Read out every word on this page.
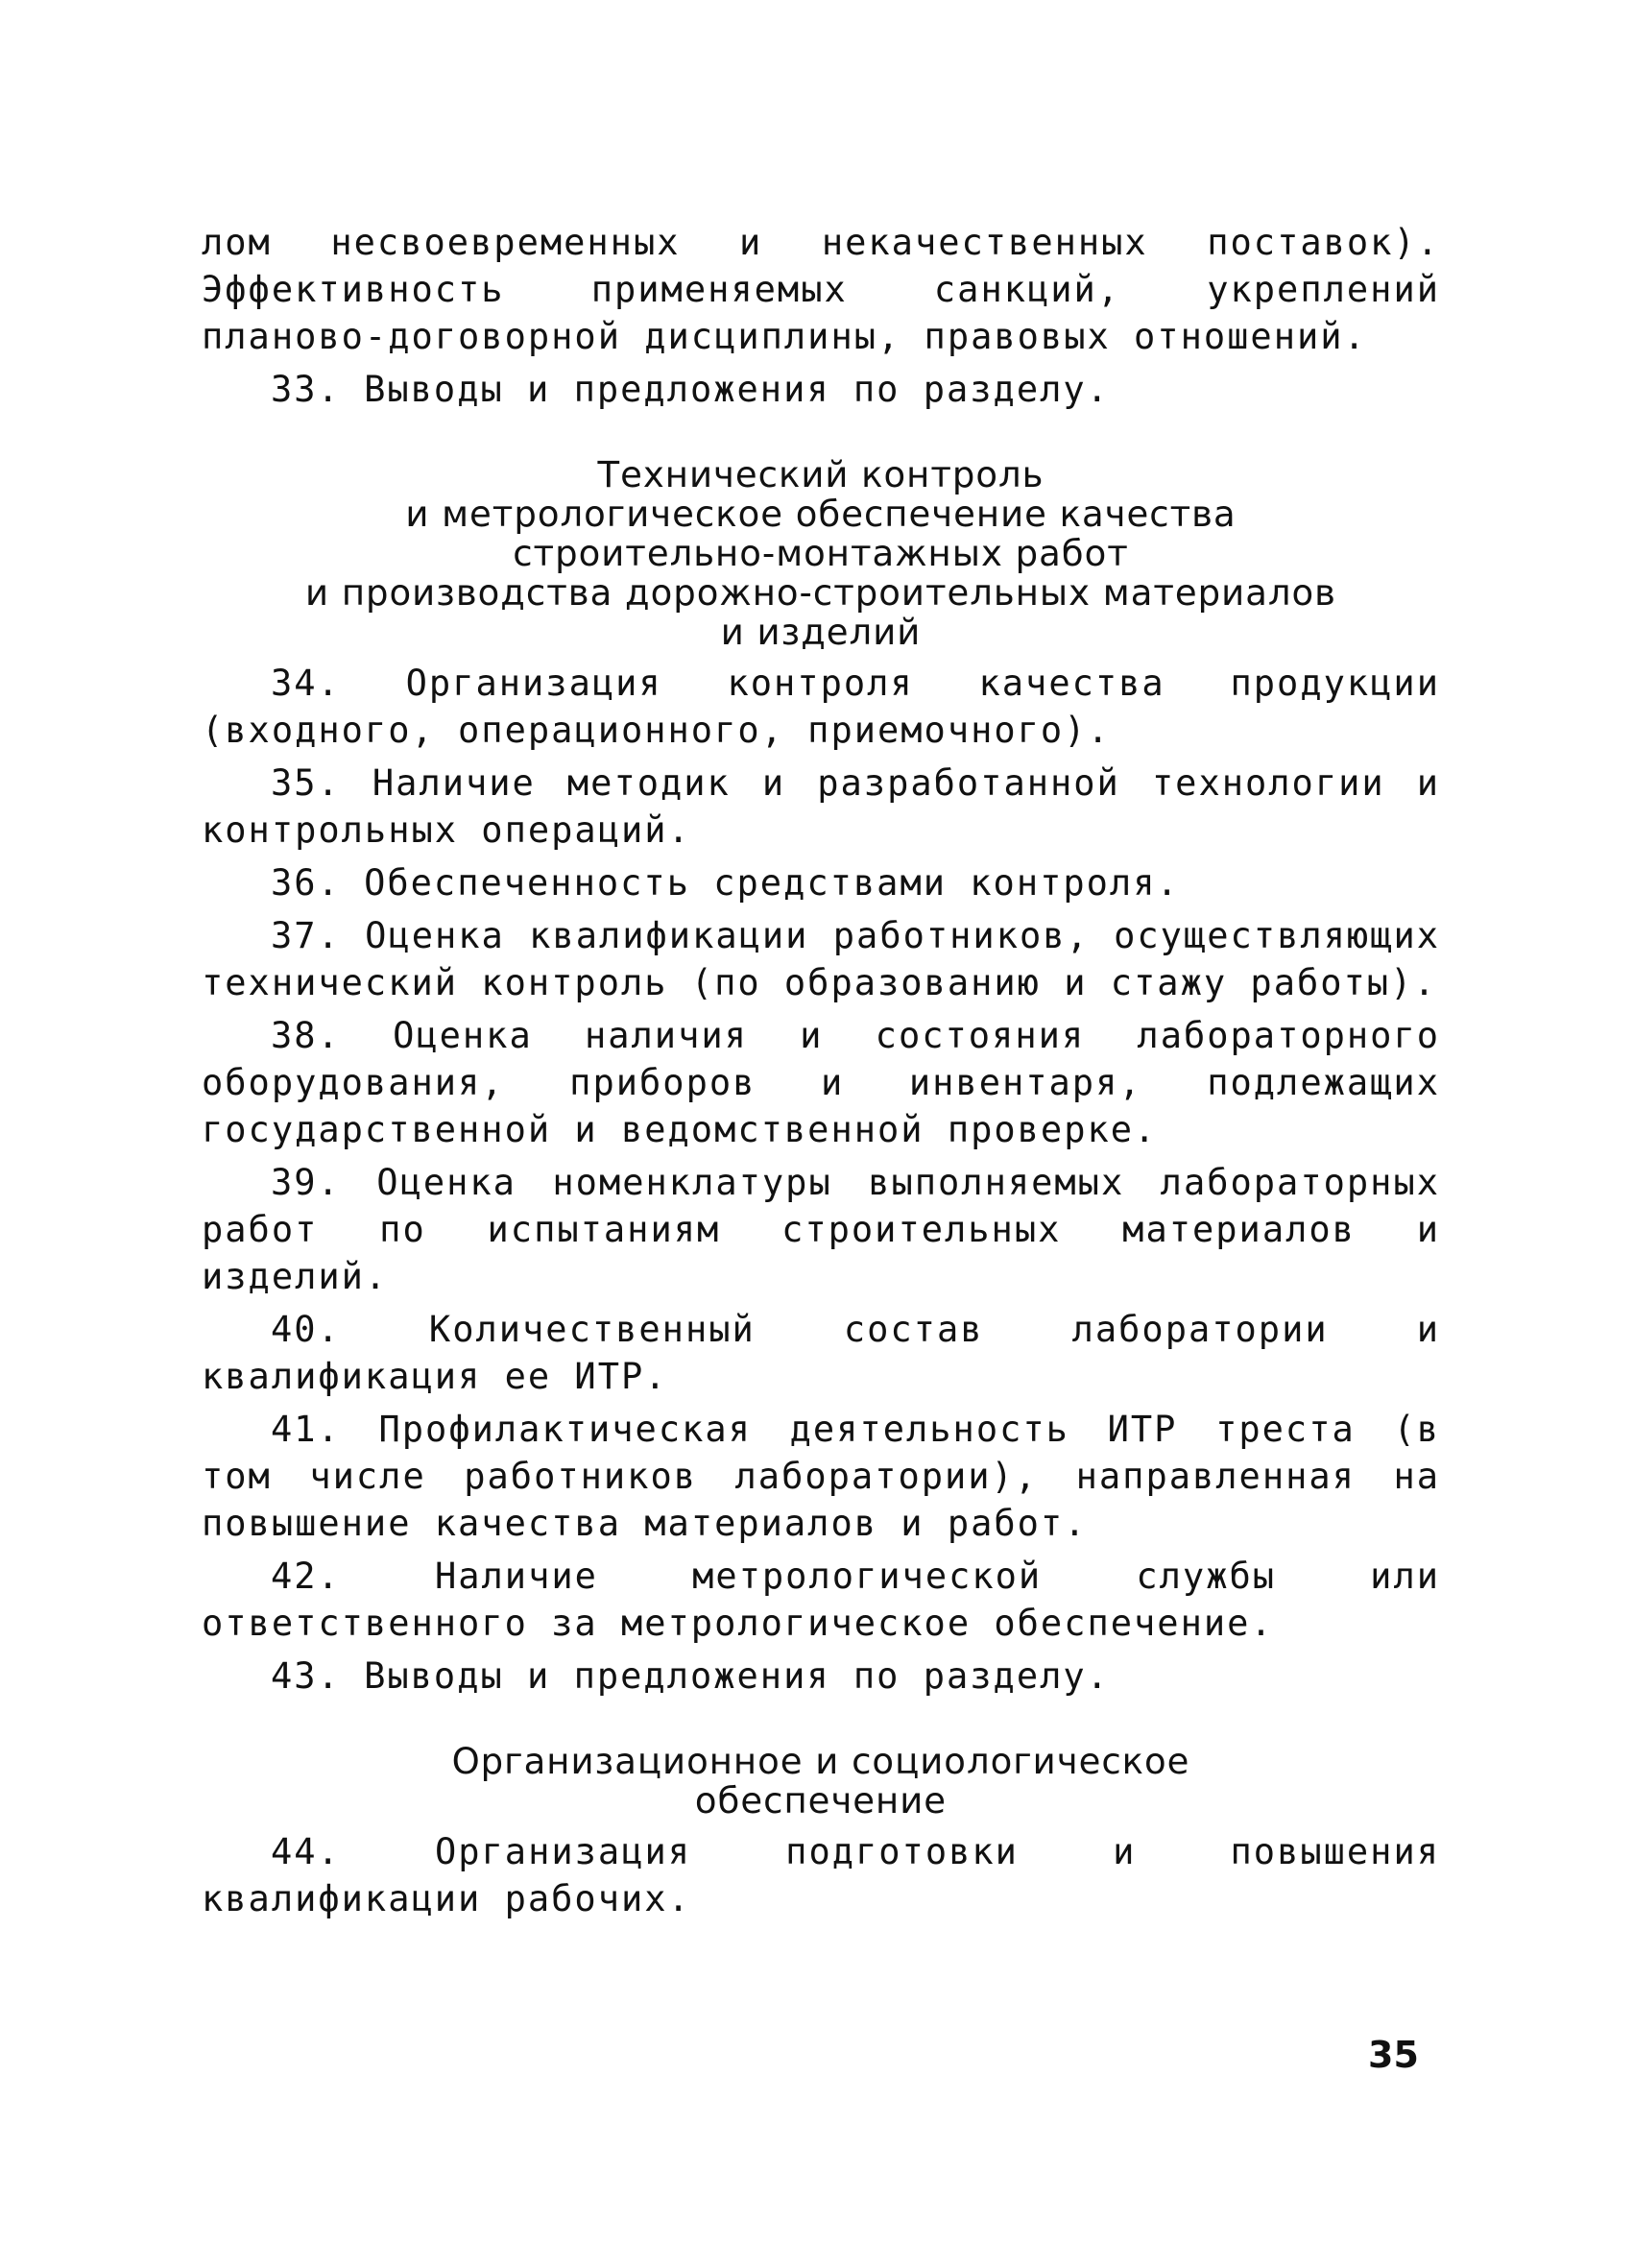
лом несвоевременных и некачественных поставок). Эффективность применяемых санкций, укреплений планово-договорной дисциплины, правовых отношений.

33. Выводы и предложения по разделу.

Технический контроль
и метрологическое обеспечение качества
строительно-монтажных работ
и производства дорожно-строительных материалов
и изделий

34. Организация контроля качества продукции (входного, операционного, приемочного).

35. Наличие методик и разработанной технологии и контрольных операций.

36. Обеспеченность средствами контроля.

37. Оценка квалификации работников, осуществляющих технический контроль (по образованию и стажу работы).

38. Оценка наличия и состояния лабораторного оборудования, приборов и инвентаря, подлежащих государственной и ведомственной проверке.

39. Оценка номенклатуры выполняемых лабораторных работ по испытаниям строительных материалов и изделий.

40. Количественный состав лаборатории и квалификация ее ИТР.

41. Профилактическая деятельность ИТР треста (в том числе работников лаборатории), направленная на повышение качества материалов и работ.

42. Наличие метрологической службы или ответственного за метрологическое обеспечение.

43. Выводы и предложения по разделу.

Организационное и социологическое
обеспечение

44. Организация подготовки и повышения квалификации рабочих.

35
